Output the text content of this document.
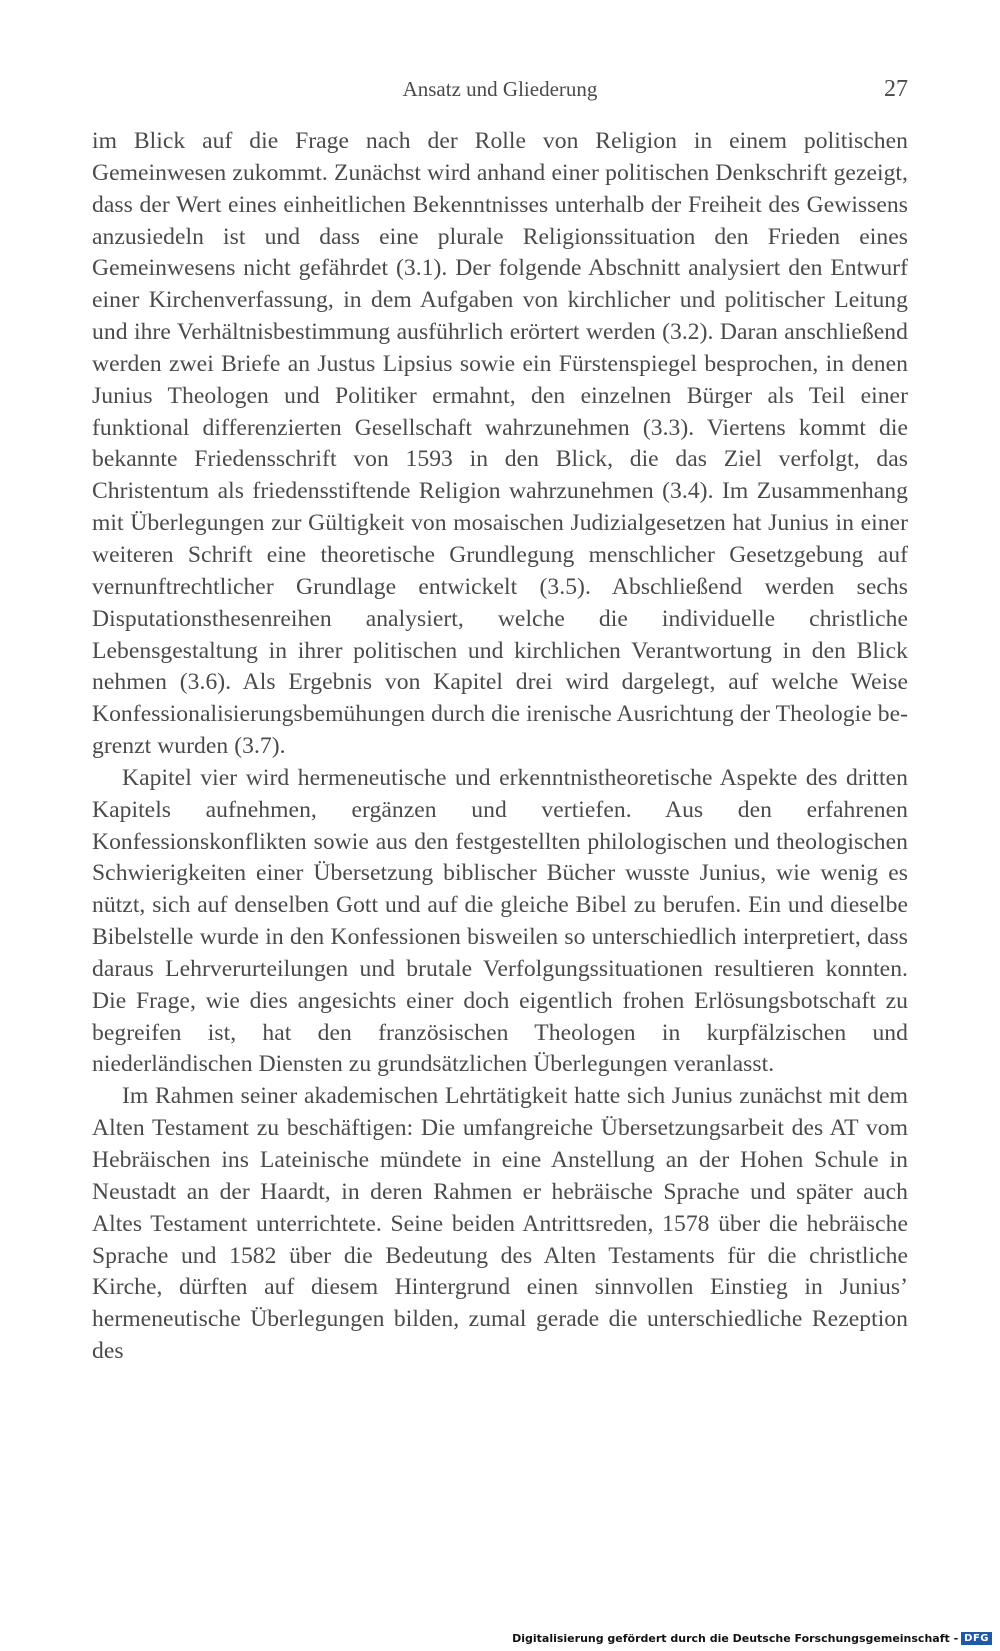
Ansatz und Gliederung	27

im Blick auf die Frage nach der Rolle von Religion in einem politischen Gemeinwesen zukommt. Zunächst wird anhand einer politischen Denkschrift gezeigt, dass der Wert eines einheitlichen Bekenntnisses unterhalb der Freiheit des Gewissens anzusiedeln ist und dass eine plurale Religionssituation den Frieden eines Gemeinwesens nicht gefährdet (3.1). Der folgende Abschnitt analysiert den Entwurf einer Kirchenverfassung, in dem Aufgaben von kirchlicher und politischer Leitung und ihre Verhältnisbestimmung ausführlich erörtert werden (3.2). Daran anschließend werden zwei Briefe an Justus Lipsius sowie ein Fürstenspiegel besprochen, in denen Junius Theologen und Politiker ermahnt, den einzelnen Bürger als Teil einer funktional differenzierten Gesellschaft wahrzunehmen (3.3). Viertens kommt die bekannte Friedensschrift von 1593 in den Blick, die das Ziel verfolgt, das Christentum als friedensstiftende Religion wahrzunehmen (3.4). Im Zusammenhang mit Überlegungen zur Gültigkeit von mosaischen Judizialgesetzen hat Junius in einer weiteren Schrift eine theoretische Grundlegung menschlicher Gesetzgebung auf vernunftrechtlicher Grundlage entwickelt (3.5). Abschließend werden sechs Disputationsthesenreihen analysiert, welche die individuelle christliche Lebensgestaltung in ihrer politischen und kirchlichen Verantwortung in den Blick nehmen (3.6). Als Ergebnis von Kapitel drei wird dargelegt, auf welche Weise Konfessionalisierungsbemühungen durch die irenische Ausrichtung der Theologie begrenzt wurden (3.7).

Kapitel vier wird hermeneutische und erkenntnistheoretische Aspekte des dritten Kapitels aufnehmen, ergänzen und vertiefen. Aus den erfahrenen Konfessionskonflikten sowie aus den festgestellten philologischen und theologischen Schwierigkeiten einer Übersetzung biblischer Bücher wusste Junius, wie wenig es nützt, sich auf denselben Gott und auf die gleiche Bibel zu berufen. Ein und dieselbe Bibelstelle wurde in den Konfessionen bisweilen so unterschiedlich interpretiert, dass daraus Lehrverurteilungen und brutale Verfolgungssituationen resultieren konnten. Die Frage, wie dies angesichts einer doch eigentlich frohen Erlösungsbotschaft zu begreifen ist, hat den französischen Theologen in kurpfälzischen und niederländischen Diensten zu grundsätzlichen Überlegungen veranlasst.

Im Rahmen seiner akademischen Lehrtätigkeit hatte sich Junius zunächst mit dem Alten Testament zu beschäftigen: Die umfangreiche Übersetzungsarbeit des AT vom Hebräischen ins Lateinische mündete in eine Anstellung an der Hohen Schule in Neustadt an der Haardt, in deren Rahmen er hebräische Sprache und später auch Altes Testament unterrichtete. Seine beiden Antrittsreden, 1578 über die hebräische Sprache und 1582 über die Bedeutung des Alten Testaments für die christliche Kirche, dürften auf diesem Hintergrund einen sinnvollen Einstieg in Junius’ hermeneutische Überlegungen bilden, zumal gerade die unterschiedliche Rezeption des

Digitalisierung gefördert durch die Deutsche Forschungsgemeinschaft - DFG
